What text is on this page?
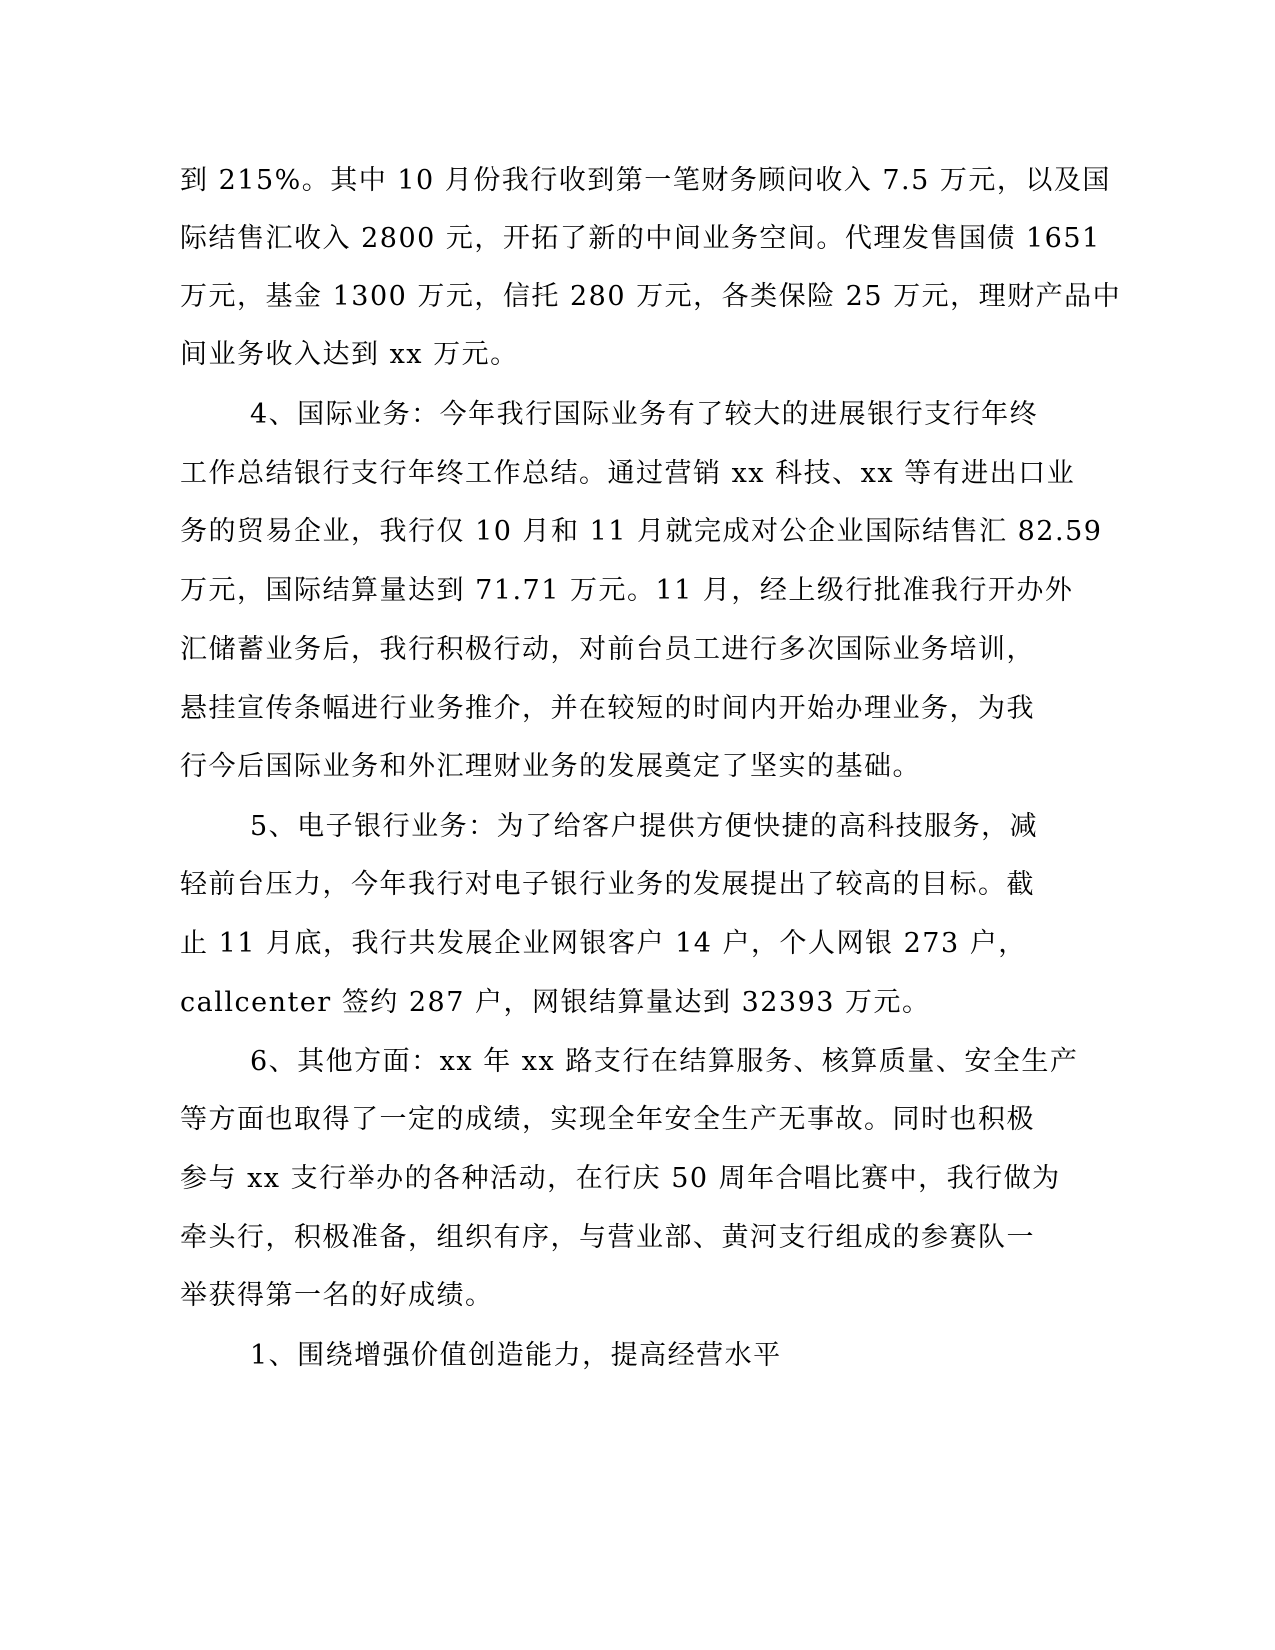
到 215%。其中 10 月份我行收到第一笔财务顾问收入 7.5 万元，以及国

际结售汇收入 2800 元，开拓了新的中间业务空间。代理发售国债 1651

万元，基金 1300 万元，信托 280 万元，各类保险 25 万元，理财产品中

间业务收入达到 xx 万元。

4、国际业务：今年我行国际业务有了较大的进展银行支行年终

工作总结银行支行年终工作总结。通过营销 xx 科技、xx 等有进出口业

务的贸易企业，我行仅 10 月和 11 月就完成对公企业国际结售汇 82.59

万元，国际结算量达到 71.71 万元。11 月，经上级行批准我行开办外

汇储蓄业务后，我行积极行动，对前台员工进行多次国际业务培训，

悬挂宣传条幅进行业务推介，并在较短的时间内开始办理业务，为我

行今后国际业务和外汇理财业务的发展奠定了坚实的基础。

5、电子银行业务：为了给客户提供方便快捷的高科技服务，减

轻前台压力，今年我行对电子银行业务的发展提出了较高的目标。截

止 11 月底，我行共发展企业网银客户 14 户，个人网银 273 户，

callcenter 签约 287 户，网银结算量达到 32393 万元。

6、其他方面：xx 年 xx 路支行在结算服务、核算质量、安全生产

等方面也取得了一定的成绩，实现全年安全生产无事故。同时也积极

参与 xx 支行举办的各种活动，在行庆 50 周年合唱比赛中，我行做为

牵头行，积极准备，组织有序，与营业部、黄河支行组成的参赛队一

举获得第一名的好成绩。

1、围绕增强价值创造能力，提高经营水平
